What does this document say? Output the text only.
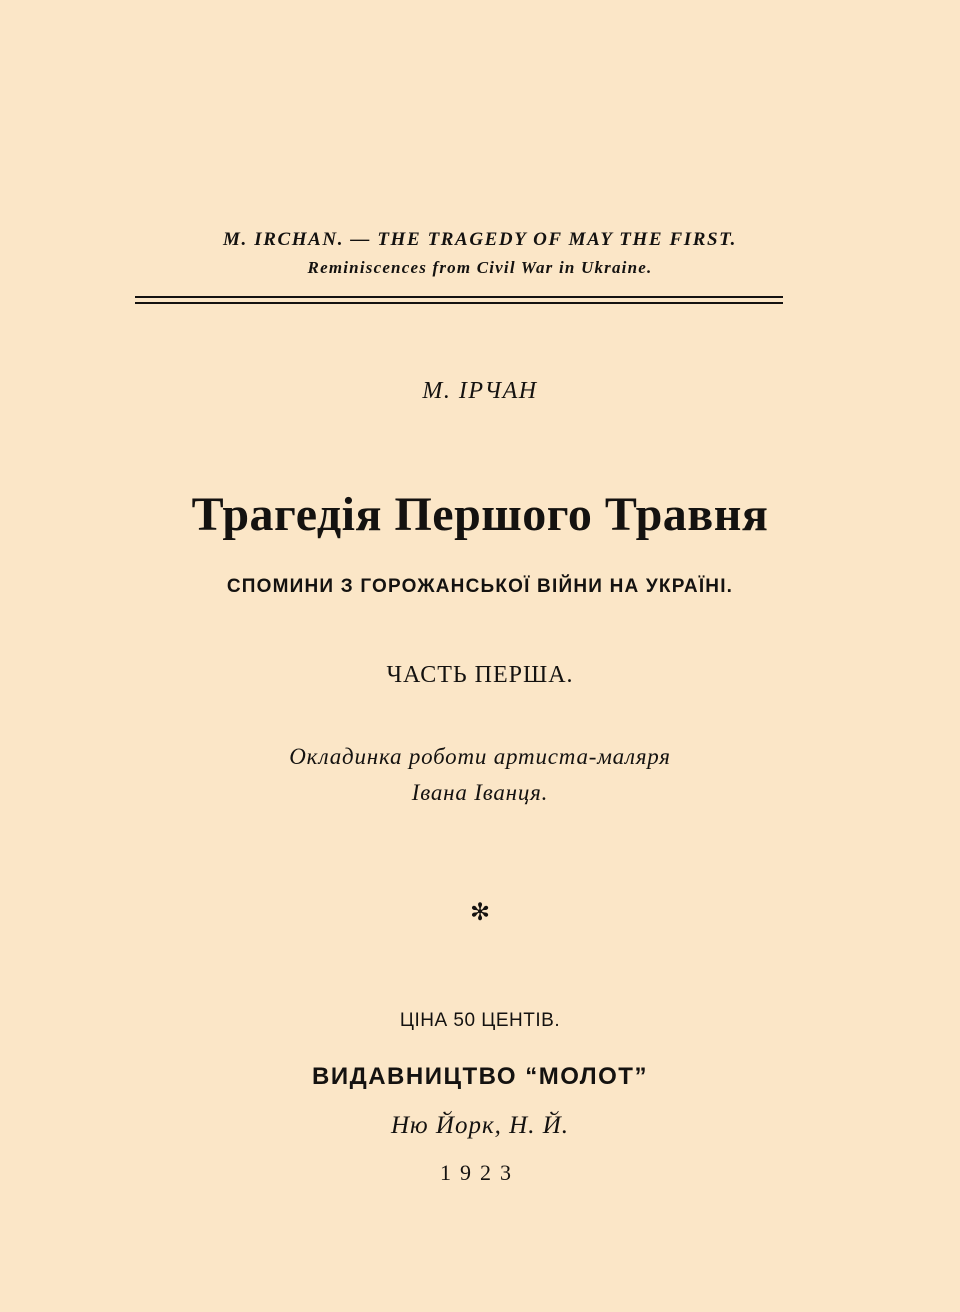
M. IRCHAN. — THE TRAGEDY OF MAY THE FIRST.
Reminiscences from Civil War in Ukraine.
М. ІРЧАН
Трагедія Першого Травня
СПОМИНИ З ГОРОЖАНСЬКОЇ ВІЙНИ НА УКРАЇНІ.
ЧАСТЬ ПЕРША.
Окладинка роботи артиста-маляря
Івана Іванця.
✻
ЦІНА 50 ЦЕНТІВ.
ВИДАВНИЦТВО “МОЛОТ”
Ню Йорк, Н. Й.
1923
